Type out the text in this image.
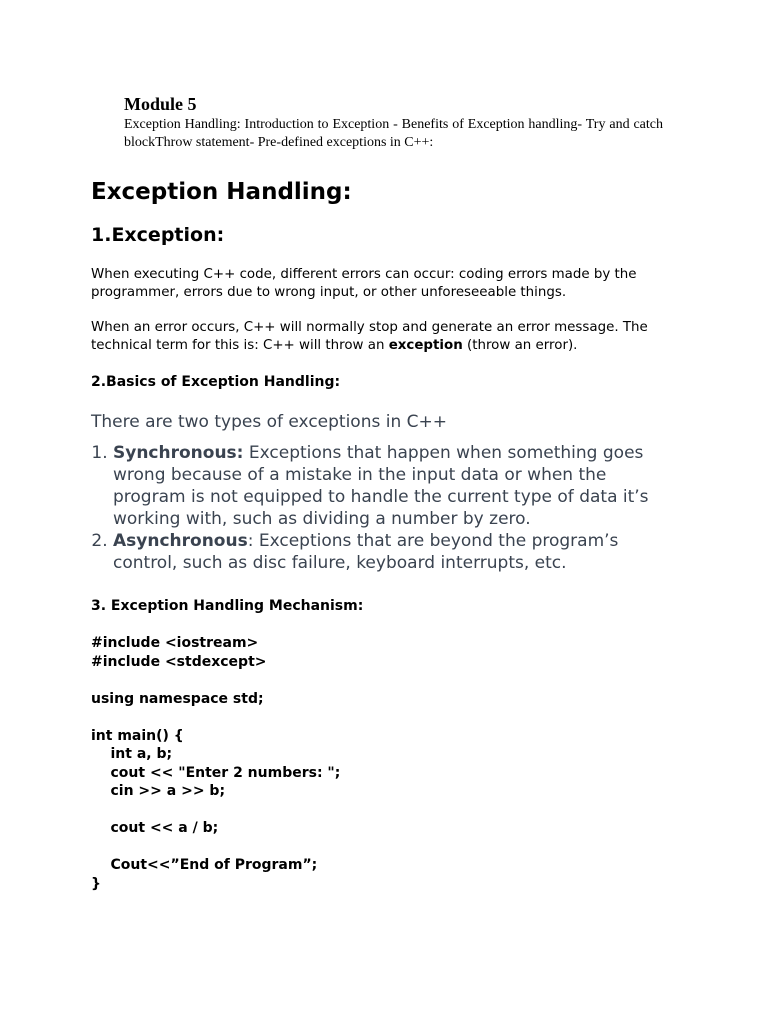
Module 5

Exception Handling: Introduction to Exception - Benefits of Exception handling- Try and catch blockThrow statement- Pre-defined exceptions in C++:

Exception Handling:
1.Exception:

When executing C++ code, different errors can occur: coding errors made by the programmer, errors due to wrong input, or other unforeseeable things.

When an error occurs, C++ will normally stop and generate an error message. The technical term for this is: C++ will throw an exception (throw an error).

2.Basics of Exception Handling:
There are two types of exceptions in C++
1. Synchronous: Exceptions that happen when something goes wrong because of a mistake in the input data or when the program is not equipped to handle the current type of data it’s working with, such as dividing a number by zero.
2. Asynchronous: Exceptions that are beyond the program’s control, such as disc failure, keyboard interrupts, etc.
3. Exception Handling Mechanism:
#include <iostream>
#include <stdexcept>

using namespace std;

int main() {
int a, b;
cout << "Enter 2 numbers: ";
cin >> a >> b;

cout << a / b;

Cout<<”End of Program”;
}
